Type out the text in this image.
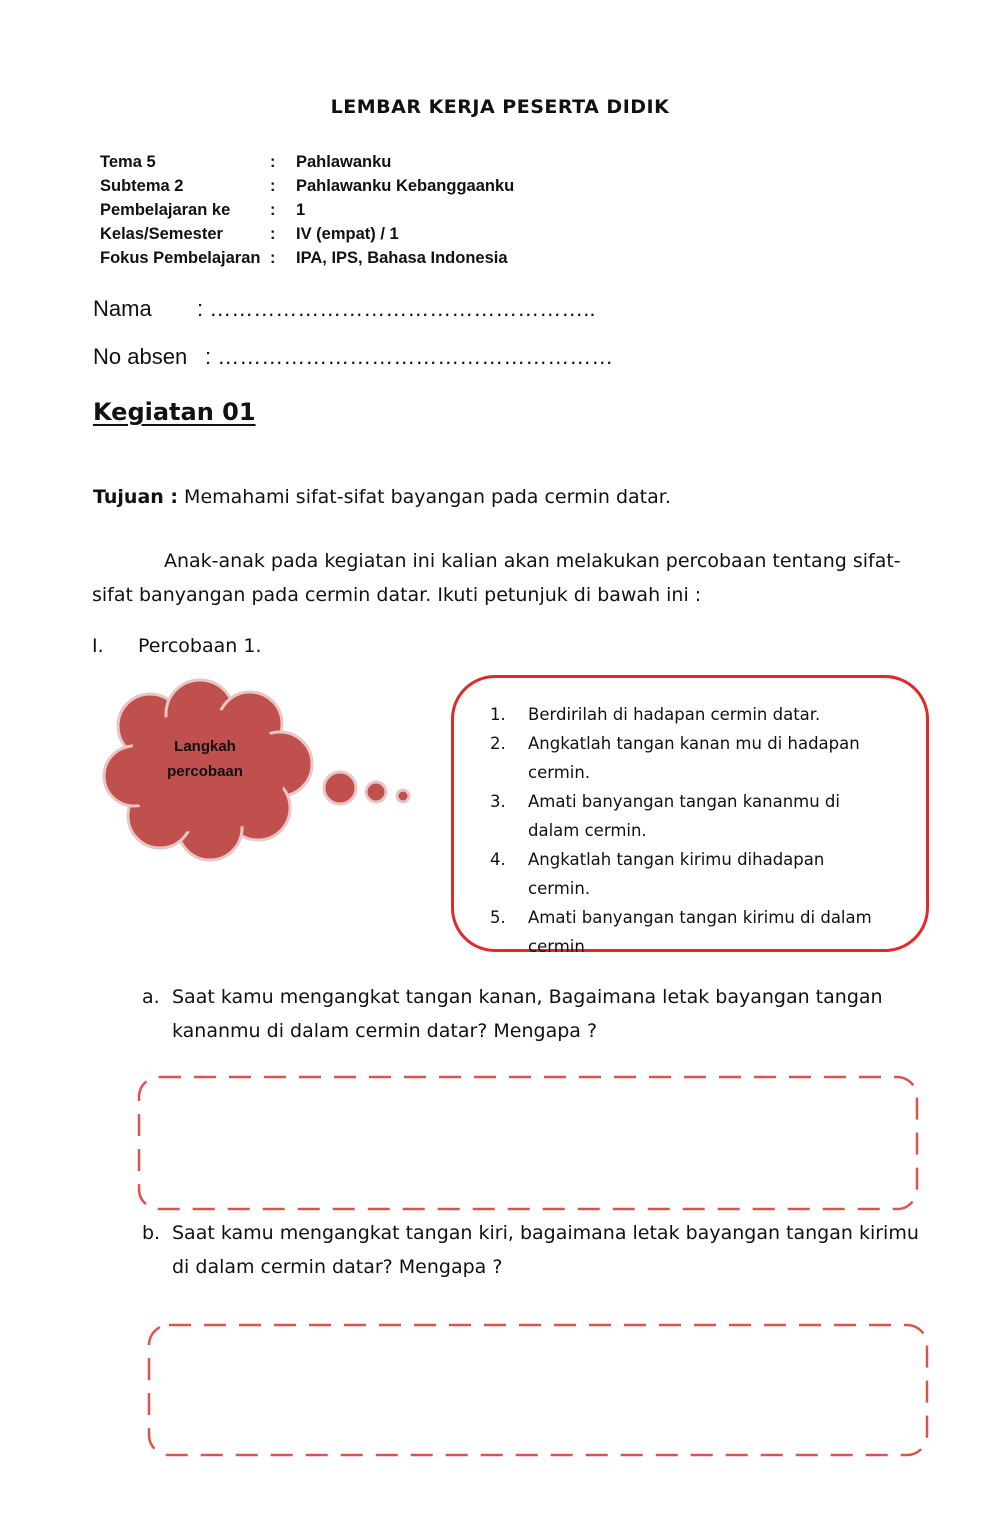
LEMBAR KERJA PESERTA DIDIK
Tema 5	: Pahlawanku
Subtema 2	: Pahlawanku Kebanggaanku
Pembelajaran ke : 1
Kelas/Semester	: IV (empat) / 1
Fokus Pembelajaran : IPA, IPS, Bahasa Indonesia
Nama : ……………………………………………..
No absen : ………………………………………………
Kegiatan 01
Tujuan : Memahami sifat-sifat bayangan pada cermin datar.
Anak-anak pada kegiatan ini kalian akan melakukan percobaan tentang sifat-sifat banyangan pada cermin datar. Ikuti petunjuk di bawah ini :
I. Percobaan 1.
Langkah percobaan
1.	Berdirilah di hadapan cermin datar.
2.	Angkatlah tangan kanan mu di hadapan cermin.
3.	Amati banyangan tangan kananmu di dalam cermin.
4.	Angkatlah tangan kirimu dihadapan cermin.
5.	Amati banyangan tangan kirimu di dalam cermin
a. Saat kamu mengangkat tangan kanan, Bagaimana letak bayangan tangan kananmu di dalam cermin datar? Mengapa ?
b. Saat kamu mengangkat tangan kiri, bagaimana letak bayangan tangan kirimu di dalam cermin datar? Mengapa ?
